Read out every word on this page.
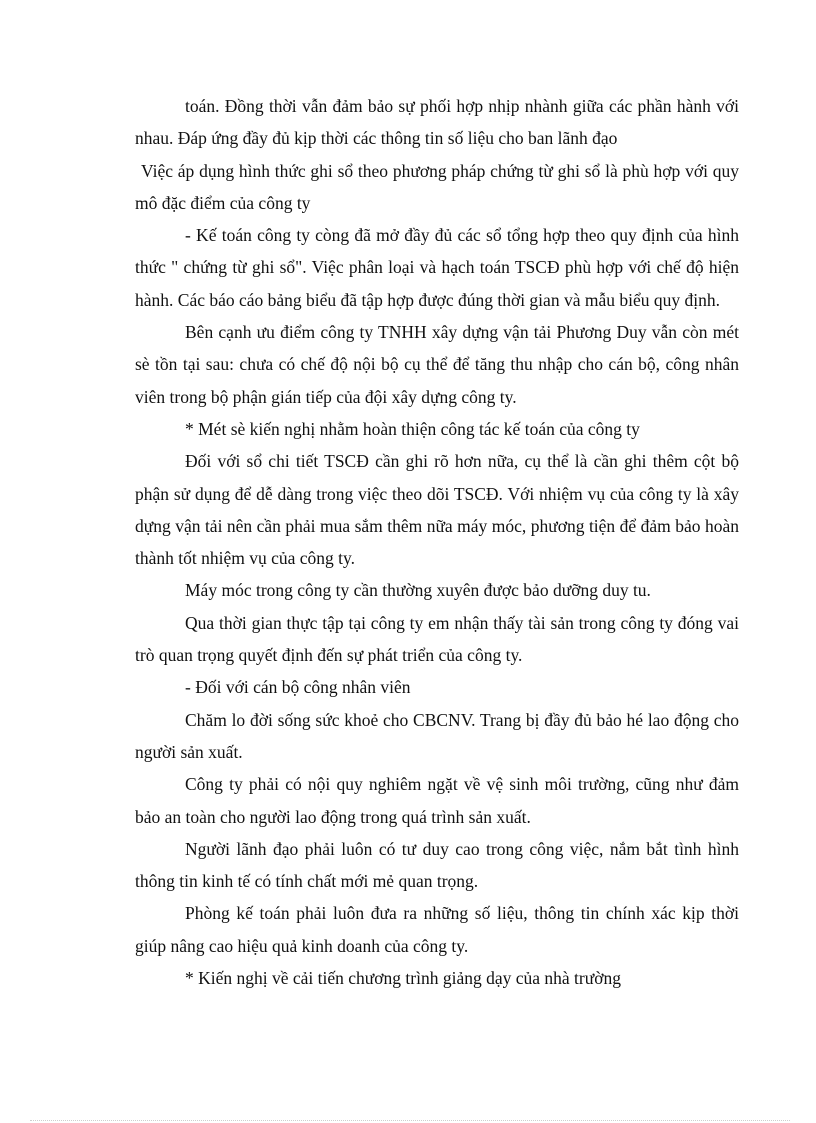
toán. Đồng thời vẫn đảm bảo sự phối hợp nhịp nhành giữa các phần hành với nhau. Đáp ứng đầy đủ kịp thời các thông tin số liệu cho ban lãnh đạo

Việc áp dụng hình thức ghi sổ theo phương pháp chứng từ ghi sổ là phù hợp với quy mô đặc điểm của công ty

- Kế toán công ty còng đã mở đầy đủ các sổ tổng hợp theo quy định của hình thức " chứng từ ghi sổ". Việc phân loại và hạch toán TSCĐ phù hợp với chế độ hiện hành. Các báo cáo bảng biểu đã tập hợp được đúng thời gian và mẫu biểu quy định.

Bên cạnh ưu điểm công ty TNHH xây dựng vận tải Phương Duy vẫn còn mét sè tồn tại sau: chưa có chế độ nội bộ cụ thể để tăng thu nhập cho cán bộ, công nhân viên trong bộ phận gián tiếp của đội xây dựng công ty.

* Mét sè kiến nghị nhằm hoàn thiện công tác kế toán của công ty

Đối với sổ chi tiết TSCĐ cần ghi rõ hơn nữa, cụ thể là cần ghi thêm cột bộ phận sử dụng để dễ dàng trong việc theo dõi TSCĐ. Với nhiệm vụ của công ty là xây dựng vận tải nên cần phải mua sắm thêm nữa máy móc, phương tiện để đảm bảo hoàn thành tốt nhiệm vụ của công ty.

Máy móc trong công ty cần thường xuyên được bảo dưỡng duy tu.

Qua thời gian thực tập tại công ty em nhận thấy tài sản trong công ty đóng vai trò quan trọng quyết định đến sự phát triển của công ty.

- Đối với cán bộ công nhân viên

Chăm lo đời sống sức khoẻ cho CBCNV. Trang bị đầy đủ bảo hé lao động cho người sản xuất.

Công ty phải có nội quy nghiêm ngặt về vệ sinh môi trường, cũng như đảm bảo an toàn cho người lao động trong quá trình sản xuất.

Người lãnh đạo phải luôn có tư duy cao trong công việc, nắm bắt tình hình thông tin kinh tế có tính chất mới mẻ quan trọng.

Phòng kế toán phải luôn đưa ra những số liệu, thông tin chính xác kịp thời giúp nâng cao hiệu quả kinh doanh của công ty.

* Kiến nghị về cải tiến chương trình giảng dạy của nhà trường
